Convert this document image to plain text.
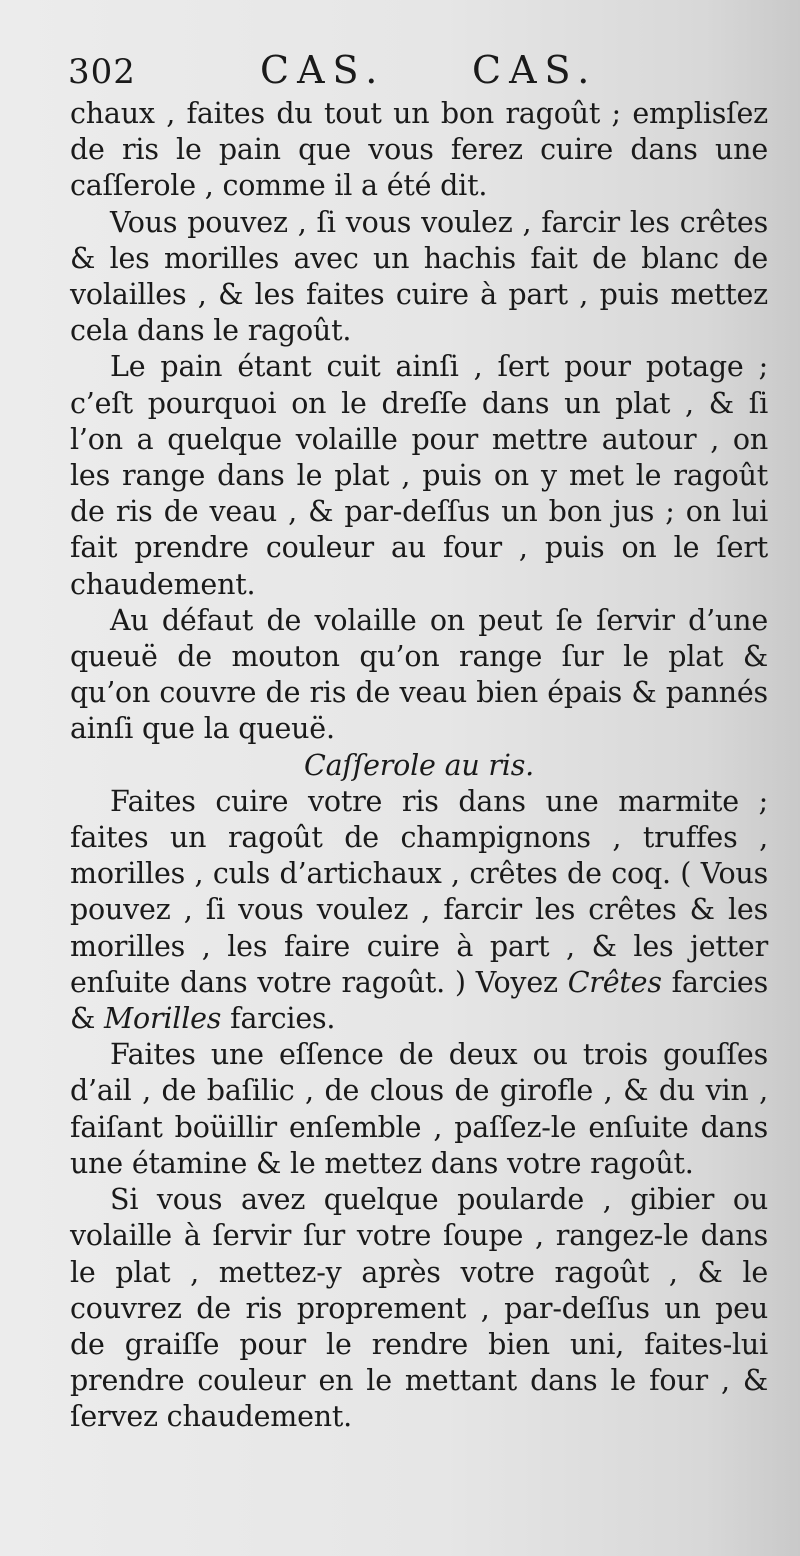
302	CAS. CAS.

chaux , faites du tout un bon ragoût ; emplisſez de ris le pain que vous ferez cuire dans une caſſerole , comme il a été dit.

Vous pouvez , ſi vous voulez , farcir les crêtes & les morilles avec un hachis fait de blanc de volailles , & les faites cuire à part , puis mettez cela dans le ragoût.

Le pain étant cuit ainſi , ſert pour potage ; c’eſt pourquoi on le dreſſe dans un plat , & ſi l’on a quelque volaille pour mettre autour , on les range dans le plat , puis on y met le ragoût de ris de veau , & par-deſſus un bon jus ; on lui fait prendre couleur au four , puis on le ſert chaudement.

Au défaut de volaille on peut ſe ſervir d’une queuë de mouton qu’on range ſur le plat & qu’on couvre de ris de veau bien épais & pannés ainſi que la queuë.

Caſſerole au ris.

Faites cuire votre ris dans une marmite ; faites un ragoût de champignons , truffes , morilles , culs d’artichaux , crêtes de coq. ( Vous pouvez , ſi vous voulez , farcir les crêtes & les morilles , les faire cuire à part , & les jetter enſuite dans votre ragoût. ) Voyez Crêtes farcies & Morilles farcies.

Faites une eſſence de deux ou trois gouſſes d’ail , de baſilic , de clous de girofle , & du vin , faiſant boüillir enſemble , paſſez-le enſuite dans une étamine & le mettez dans votre ragoût.

Si vous avez quelque poularde , gibier ou volaille à ſervir ſur votre ſoupe , rangez-le dans le plat , mettez-y après votre ragoût , & le couvrez de ris proprement , par-deſſus un peu de graiſſe pour le rendre bien uni, faites-lui prendre couleur en le mettant dans le four , & ſervez chaudement.
